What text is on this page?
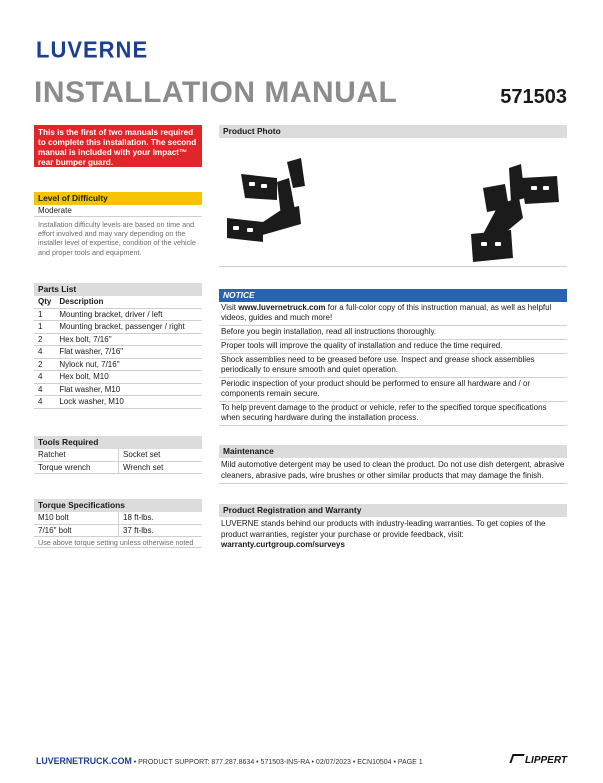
LUVERNE
INSTALLATION MANUAL	571503
This is the first of two manuals required to complete this installation. The second manual is included with your Impact™ rear bumper guard.
Level of Difficulty
Moderate
Installation difficulty levels are based on time and effort involved and may vary depending on the installer level of expertise, condition of the vehicle and proper tools and equipment.
Parts List
Qty	Description
1	Mounting bracket, driver / left
1	Mounting bracket, passenger / right
2	Hex bolt, 7/16"
4	Flat washer, 7/16"
2	Nylock nut, 7/16"
4	Hex bolt, M10
4	Flat washer, M10
4	Lock washer, M10
Tools Required
Ratchet	Socket set
Torque wrench	Wrench set
Torque Specifications
M10 bolt	18 ft-lbs.
7/16" bolt	37 ft-lbs.
Use above torque setting unless otherwise noted
Product Photo
NOTICE
Visit www.luvernetruck.com for a full-color copy of this instruction manual, as well as helpful videos, guides and much more!
Before you begin installation, read all instructions thoroughly.
Proper tools will improve the quality of installation and reduce the time required.
Shock assemblies need to be greased before use. Inspect and grease shock assemblies periodically to ensure smooth and quiet operation.
Periodic inspection of your product should be performed to ensure all hardware and / or components remain secure.
To help prevent damage to the product or vehicle, refer to the specified torque specifications when securing hardware during the installation process.
Maintenance
Mild automotive detergent may be used to clean the product. Do not use dish detergent, abrasive cleaners, abrasive pads, wire brushes or other similar products that may damage the finish.
Product Registration and Warranty
LUVERNE stands behind our products with industry-leading warranties. To get copies of the product warranties, register your purchase or provide feedback, visit: warranty.curtgroup.com/surveys
LUVERNETRUCK.COM • PRODUCT SUPPORT: 877.287.8634 • 571503-INS-RA • 02/07/2023 • ECN10504 • PAGE 1	LIPPERT
